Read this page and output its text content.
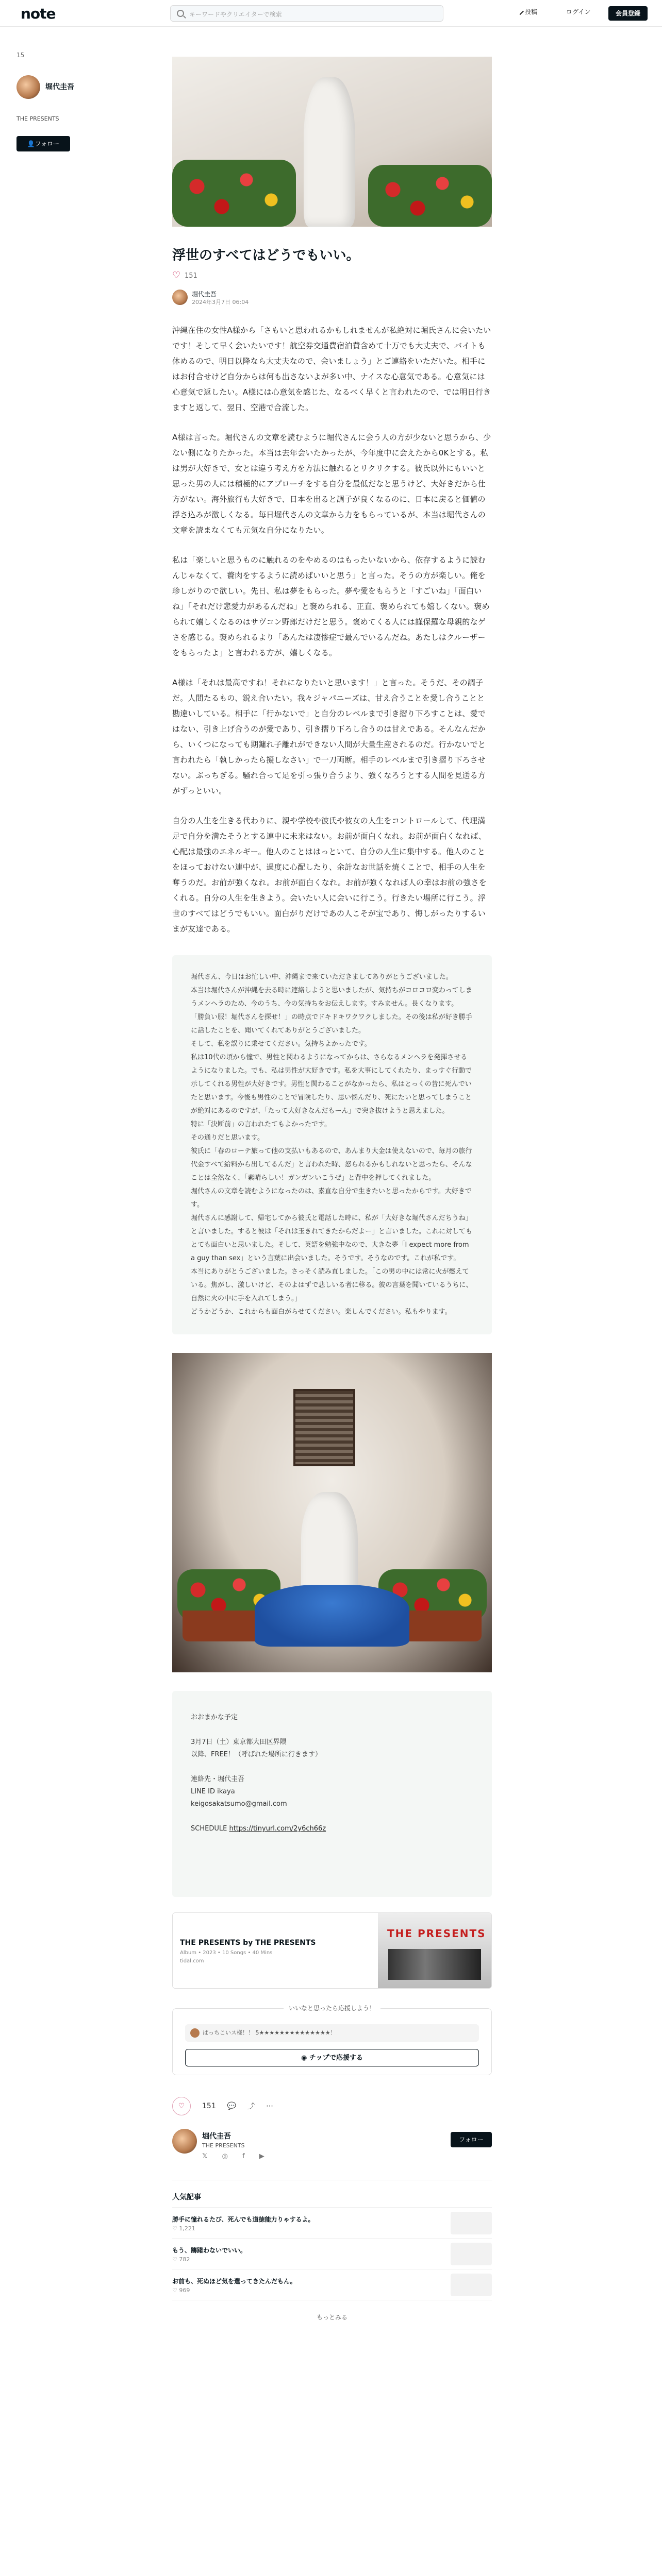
note	キーワードやクリエイターで検索	投稿	ログイン	会員登録
15
堀代圭吾
THE PRESENTS
👤フォロー
浮世のすべてはどうでもいい。
♡ 151
堀代圭吾
2024年3月7日 06:04

沖縄在住の女性A様から「さもいと思われるかもしれませんが私絶対に堀氏さんに会いたいです！そして早く会いたいです！航空券交通費宿泊費含めて十万でも大丈夫で、バイトも休めるので、明日以降なら大丈夫なので、会いましょう」とご連絡をいただいた。相手にはお付合せけど自分からは何も出さないよが多い中、ナイスな心意気である。心意気には心意気で返したい。A様には心意気を感じた、なるべく早くと言われたので、では明日行きますと返して、翌日、空港で合流した。

A様は言った。堀代さんの文章を読むように堀代さんに会う人の方が少ないと思うから、少ない側になりたかった。本当は去年会いたかったが、今年度中に会えたから0Kとする。私は男が大好きで、女とは違う考え方を方法に触れるとリクリクする。彼氏以外にもいいと思った男の人には積極的にアプローチをする自分を最低だなと思うけど、大好きだから仕方がない。海外旅行も大好きで、日本を出ると調子が良くなるのに、日本に戻ると価値の浮さ込みが激しくなる。毎日堀代さんの文章から力をもらっているが、本当は堀代さんの文章を読まなくても元気な自分になりたい。

私は「楽しいと思うものに触れるのをやめるのはもったいないから、依存するように読むんじゃなくて、贅肉をするように読めばいいと思う」と言った。そうの方が楽しい。俺を珍しがりので欲しい。先日、私は夢をもらった。夢や愛をもらうと「すごいね」「面白いね」「それだけ悲愛力があるんだね」と褒められる、正直、褒められても嬉しくない。褒められて嬉しくなるのはサヴコン野郎だけだと思う。褒めてくる人には謹保羅な母親的なゲさを感じる。褒められるより「あんたは凄惨症で最んでいるんだね。あたしはクルーザーをもらったよ」と言われる方が、嬉しくなる。

A様は「それは最高ですね！それになりたいと思います！」と言った。そうだ、その調子だ。人間たるもの、鋭え合いたい。我々ジャパニーズは、甘え合うことを愛し合うことと勘違いしている。相手に「行かないで」と自分のレベルまで引き摺り下ろすことは、愛ではない、引き上げ合うのが愛であり、引き摺り下ろし合うのは甘えである。そんなんだから、いくつになっても期鏞れ子離れができない人間が大量生産されるのだ。行かないでと言われたら「執しかったら擬しなさい」で一刀両断。相手のレベルまで引き摺り下ろさせない。ぶっちぎる。騒れ合って足を引っ張り合うより、強くなろうとする人間を見送る方がずっといい。

自分の人生を生きる代わりに、親や学校や彼氏や彼女の人生をコントロールして、代理満足で自分を満たそうとする連中に未来はない。お前が面白くなれ。お前が面白くなれば、心配は最強のエネルギー。他人のことははっといて、自分の人生に集中する。他人のことをほっておけない連中が、過度に心配したり、余計なお世話を焼くことで、相手の人生を奪うのだ。お前が強くなれ。お前が面白くなれ。お前が強くなれば人の幸はお前の強さをくれる。自分の人生を生きよう。会いたい人に会いに行こう。行きたい場所に行こう。浮世のすべてはどうでもいい。面白がりだけであの人こそが宝であり、悔しがったりするいまが友達である。

堀代さん、今日はお忙しい中、沖縄まで来ていただきましてありがとうございました。

本当は堀代さんが沖縄を去る時に連絡しようと思いましたが、気持ちがコロコロ変わってしまうメンヘラのため、今のうち、今の気持ちをお伝えします。すみません。長くなります。

「勝負い服！堀代さんを探せ！」の時点でドキドキワクワクしました。その後は私が好き勝手に話したことを、聞いてくれてありがとうございました。

そして、私を誤りに乗せてください。気持ちよかったです。

私は10代の頃から憧で、男性と関わるようになってからは、さらなるメンヘラを発揮させるようになりました。でも、私は男性が大好きです。私を大事にしてくれたり、まっすぐ行動で示してくれる男性が大好きです。男性と関わることがなかったら、私はとっくの昔に死んでいたと思います。今後も男性のことで冒険したり、思い悩んだり、死にたいと思ってしまうことが絶対にあるのですが、「たって大好きなんだもーん」で突き抜けようと思えました。

特に「決断前」の言われたてもよかったです。

その通りだと思います。

彼氏に「春のローテ旅って他の支払いもあるので、あんまり大金は使えないので、毎月の旅行代金すべて給料から出してるんだ」と言われた時、怒られるかもしれないと思ったら、そんなことは全然なく、「素晴らしい！ガンガンいこうぜ」と背中を押してくれました。

堀代さんの文章を読むようになったのは、素直な自分で生きたいと思ったからです。大好きです。

堀代さんに感謝して、帰宅してから彼氏と電話した時に、私が「大好きな堀代さんだちうね」と言いました。すると彼は「それは玉きれてきたからだよー」と言いました。これに対してもとても面白いと思いました。そして、英語を勉強中なので、大きな夢「I expect more from a guy than sex」という言葉に出会いました。そうです。そうなのです。これが私です。

本当にありがとうございました。さっそく読み直しました。「この男の中には常に火が燃えている。焦がし、激しいけど、そのよはずで悲しいる者に移る。彼の言葉を聞いているうちに、自然に火の中に手を入れてしまう。」

どうかどうか、これからも面白がらせてください。楽しんでください。私もやります。

おおまかな予定

3月7日（土）東京都大田区界隈

以降、FREE！（呼ばれた場所に行きます）

連絡先・堀代圭吾

LINE ID ikaya

keigosakatsumo@gmail.com

SCHEDULE https://tinyurl.com/2y6ch66z

THE PRESENTS by THE PRESENTS
Album • 2023 • 10 Songs • 40 Mins
tidal.com
THE PRESENTS
いいなと思ったら応援しよう！
ぱっちこいス様！！ 5★★★★★★★★★★★★★★！
◉ チップで応援する
♡	151 💬 ⤴ ⋯
堀代圭吾
THE PRESENTS
𝕏 ◎ f ▶
フォロー
人気記事
勝手に憧れるたび、死んでも道徳能力りゃするよ。
♡ 1,221
もう、躊躇わないでいい。
♡ 782
お前も、死ぬほど気を遣ってきたんだもん。
♡ 969
もっとみる
